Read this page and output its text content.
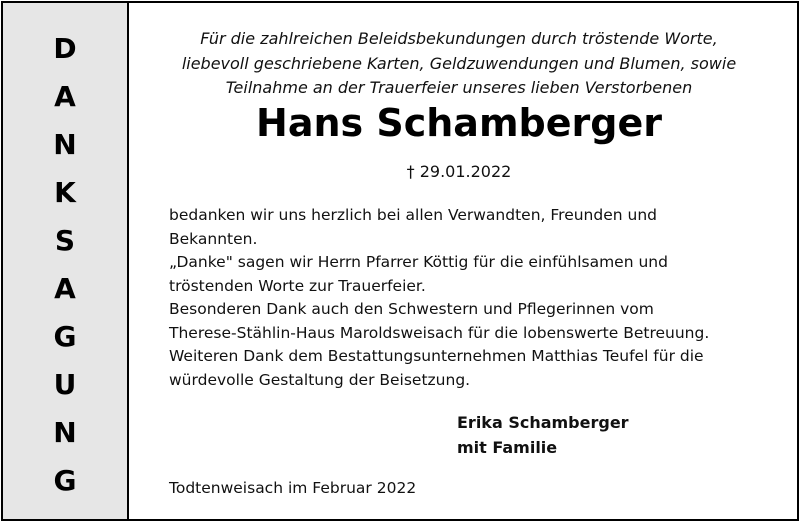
D
A
N
K
S
A
G
U
N
G
Für die zahlreichen Beleidsbekundungen durch tröstende Worte,
liebevoll geschriebene Karten, Geldzuwendungen und Blumen, sowie
Teilnahme an der Trauerfeier unseres lieben Verstorbenen
Hans Schamberger
† 29.01.2022
bedanken wir uns herzlich bei allen Verwandten, Freunden und
Bekannten.
„Danke" sagen wir Herrn Pfarrer Köttig für die einfühlsamen und
tröstenden Worte zur Trauerfeier.
Besonderen Dank auch den Schwestern und Pflegerinnen vom
Therese-Stählin-Haus Maroldsweisach für die lobenswerte Betreuung.
Weiteren Dank dem Bestattungsunternehmen Matthias Teufel für die
würdevolle Gestaltung der Beisetzung.
Erika Schamberger
mit Familie
Todtenweisach im Februar 2022
